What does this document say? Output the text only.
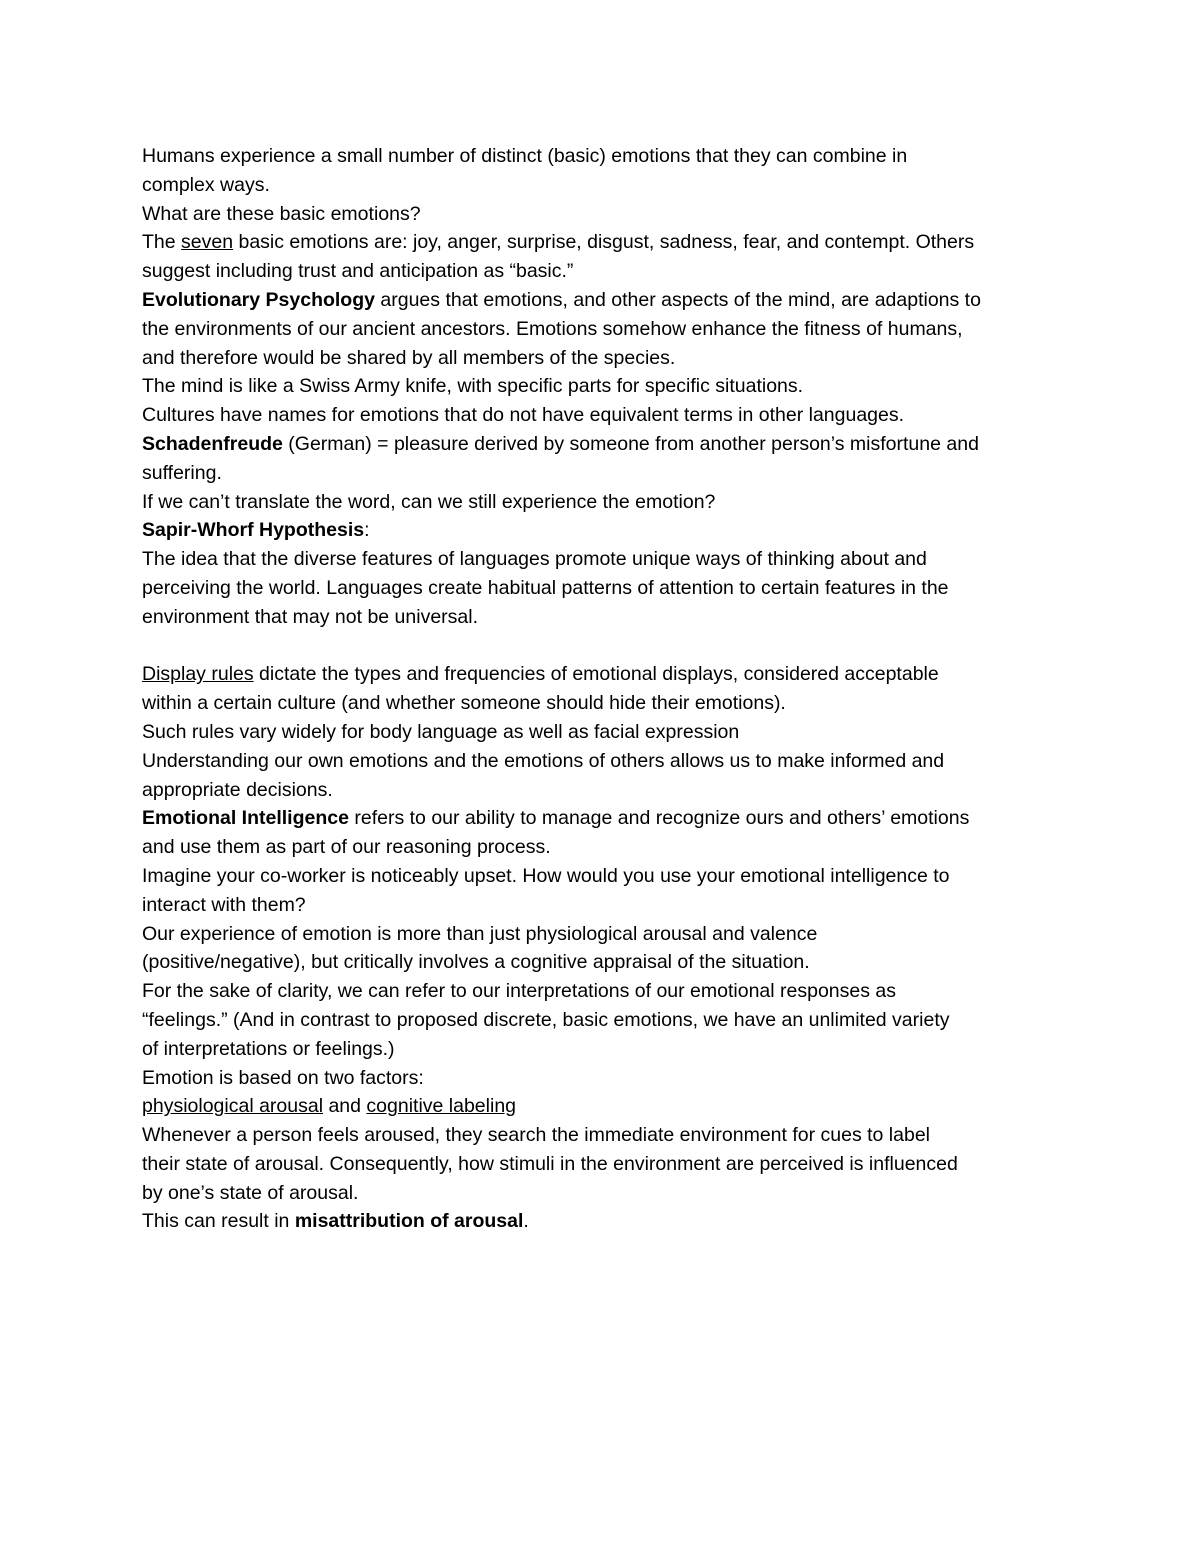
Humans experience a small number of distinct (basic) emotions that they can combine in
complex ways.
What are these basic emotions?
The seven basic emotions are: joy, anger, surprise, disgust, sadness, fear, and contempt. Others
suggest including trust and anticipation as “basic.”
Evolutionary Psychology argues that emotions, and other aspects of the mind, are adaptions to
the environments of our ancient ancestors. Emotions somehow enhance the fitness of humans,
and therefore would be shared by all members of the species.
The mind is like a Swiss Army knife, with specific parts for specific situations.
Cultures have names for emotions that do not have equivalent terms in other languages.
Schadenfreude (German) = pleasure derived by someone from another person’s misfortune and
suffering.
If we can’t translate the word, can we still experience the emotion?
Sapir-Whorf Hypothesis:
The idea that the diverse features of languages promote unique ways of thinking about and
perceiving the world. Languages create habitual patterns of attention to certain features in the
environment that may not be universal.
Display rules dictate the types and frequencies of emotional displays, considered acceptable
within a certain culture (and whether someone should hide their emotions).
Such rules vary widely for body language as well as facial expression
Understanding our own emotions and the emotions of others allows us to make informed and
appropriate decisions.
Emotional Intelligence refers to our ability to manage and recognize ours and others’ emotions
and use them as part of our reasoning process.
Imagine your co-worker is noticeably upset. How would you use your emotional intelligence to
interact with them?
Our experience of emotion is more than just physiological arousal and valence
(positive/negative), but critically involves a cognitive appraisal of the situation.
For the sake of clarity, we can refer to our interpretations of our emotional responses as
“feelings.” (And in contrast to proposed discrete, basic emotions, we have an unlimited variety
of interpretations or feelings.)
Emotion is based on two factors:
physiological arousal and cognitive labeling
Whenever a person feels aroused, they search the immediate environment for cues to label
their state of arousal. Consequently, how stimuli in the environment are perceived is influenced
by one’s state of arousal.
This can result in misattribution of arousal.
